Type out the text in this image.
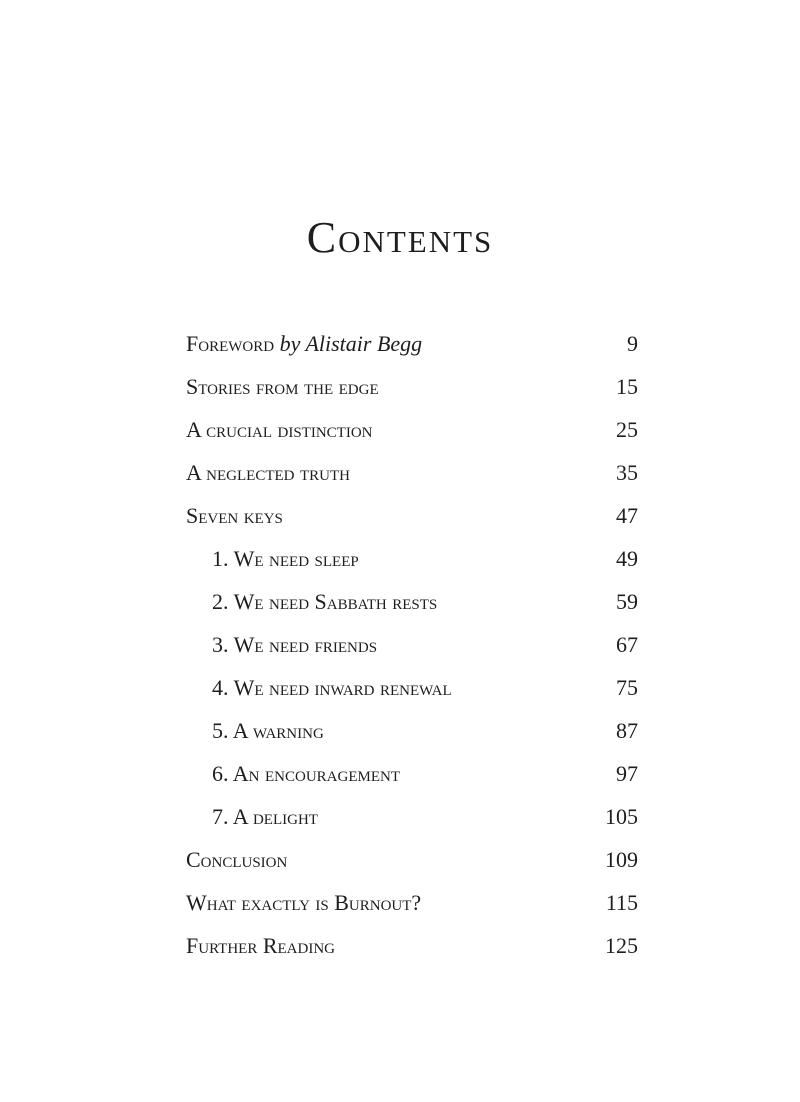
Contents
Foreword by Alistair Begg	9
Stories from the edge	15
A crucial distinction	25
A neglected truth	35
Seven keys	47
1. We need sleep	49
2. We need Sabbath rests	59
3. We need friends	67
4. We need inward renewal	75
5. A warning	87
6. An encouragement	97
7. A delight	105
Conclusion	109
What exactly is Burnout?	115
Further Reading	125
